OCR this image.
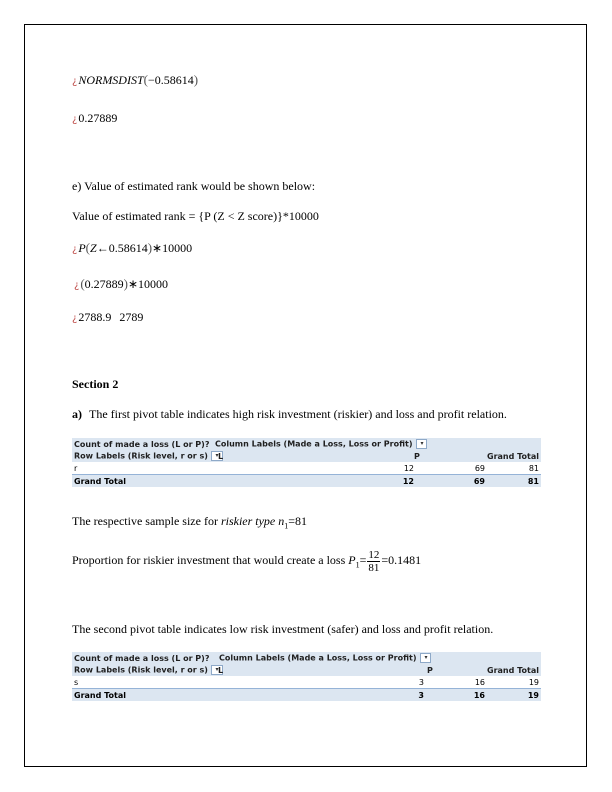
¿NORMSDIST(−0.58614)
¿0.27889
e) Value of estimated rank would be shown below:
Value of estimated rank = {P (Z < Z score)}*10000
¿P(Z←0.58614)∗10000
¿(0.27889)∗10000
¿2788.9 2789
Section 2
a) The first pivot table indicates high risk investment (riskier) and loss and profit relation.
Count of made a loss (L or P)? Column Labels (Made a Loss, Loss or Profit) ▾
Row Labels (Risk level, r or s) ▾ L	P	Grand Total
r	12	69	81
Grand Total	12	69	81
The respective sample size for riskier type $n_1=81$
Proportion for riskier investment that would create a loss $P_1= \frac{12}{81} =0.1481$
The second pivot table indicates low risk investment (safer) and loss and profit relation.
Count of made a loss (L or P)? Column Labels (Made a Loss, Loss or Profit) ▾
Row Labels (Risk level, r or s) ▾ L	P	Grand Total
s	3	16	19
Grand Total	3	16	19
